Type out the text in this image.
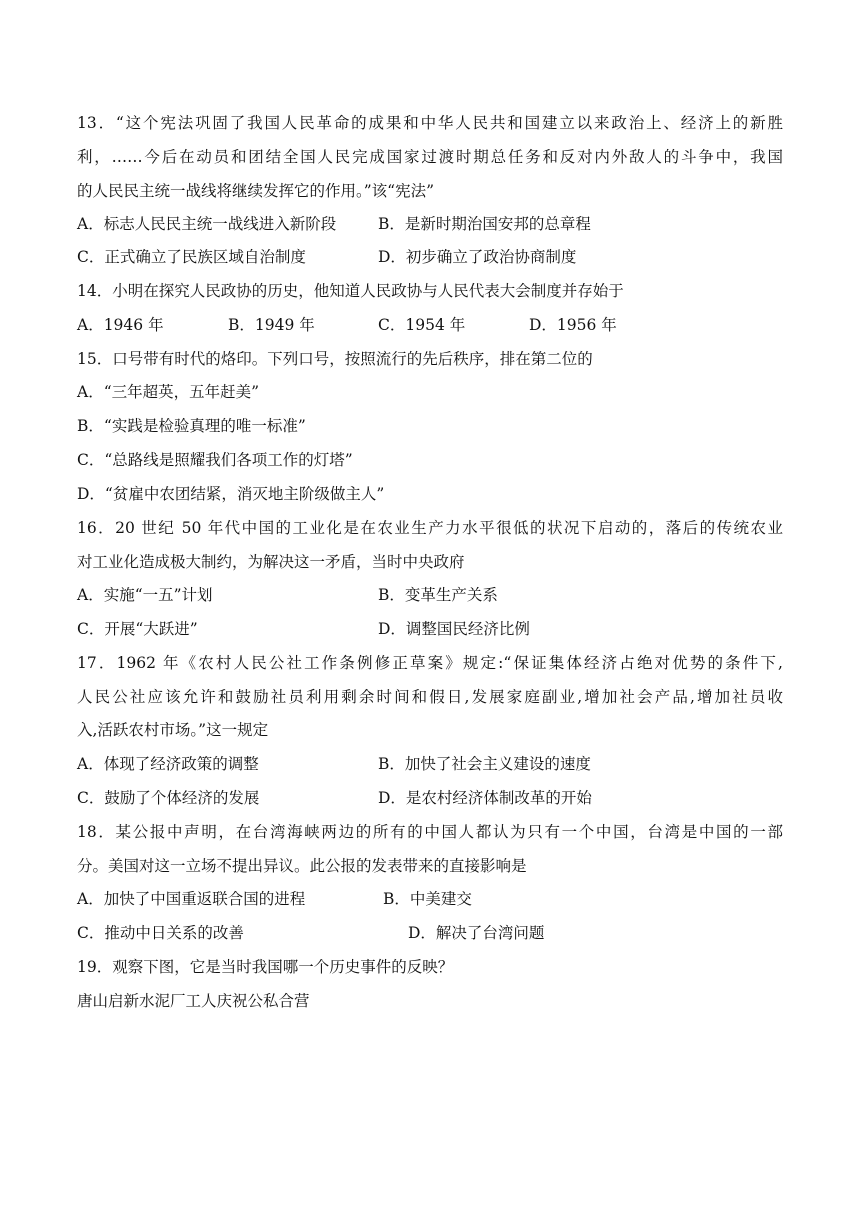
13．“这个宪法巩固了我国人民革命的成果和中华人民共和国建立以来政治上、经济上的新胜
利，……今后在动员和团结全国人民完成国家过渡时期总任务和反对内外敌人的斗争中，我国
的人民民主统一战线将继续发挥它的作用。”该“宪法”
A．标志人民民主统一战线进入新阶段	B．是新时期治国安邦的总章程
C．正式确立了民族区域自治制度	D．初步确立了政治协商制度
14．小明在探究人民政协的历史，他知道人民政协与人民代表大会制度并存始于
A．1946 年	B．1949 年	C．1954 年	D．1956 年
15．口号带有时代的烙印。下列口号，按照流行的先后秩序，排在第二位的
A．“三年超英，五年赶美”
B．“实践是检验真理的唯一标准”
C．“总路线是照耀我们各项工作的灯塔”
D．“贫雇中农团结紧，消灭地主阶级做主人”
16．20 世纪 50 年代中国的工业化是在农业生产力水平很低的状况下启动的，落后的传统农业
对工业化造成极大制约，为解决这一矛盾，当时中央政府
A．实施“一五”计划	B．变革生产关系
C．开展“大跃进”	D．调整国民经济比例
17．1962 年《农村人民公社工作条例修正草案》规定:“保证集体经济占绝对优势的条件下,
人民公社应该允许和鼓励社员利用剩余时间和假日,发展家庭副业,增加社会产品,增加社员收
入,活跃农村市场。”这一规定
A．体现了经济政策的调整	B．加快了社会主义建设的速度
C．鼓励了个体经济的发展	D．是农村经济体制改革的开始
18．某公报中声明，在台湾海峡两边的所有的中国人都认为只有一个中国，台湾是中国的一部
分。美国对这一立场不提出异议。此公报的发表带来的直接影响是
A．加快了中国重返联合国的进程	B．中美建交
C．推动中日关系的改善	D．解决了台湾问题
19．观察下图，它是当时我国哪一个历史事件的反映？
唐山启新水泥厂工人庆祝公私合营
